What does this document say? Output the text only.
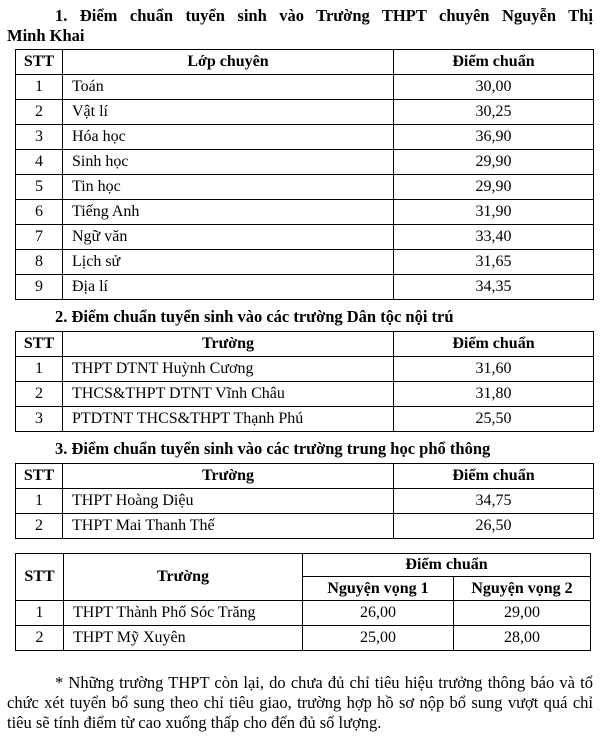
1. Điểm chuẩn tuyển sinh vào Trường THPT chuyên Nguyễn Thị
Minh Khai
STT	Lớp chuyên	Điểm chuẩn
1	Toán	30,00
2	Vật lí	30,25
3	Hóa học	36,90
4	Sinh học	29,90
5	Tin học	29,90
6	Tiếng Anh	31,90
7	Ngữ văn	33,40
8	Lịch sử	31,65
9	Địa lí	34,35
2. Điểm chuẩn tuyển sinh vào các trường Dân tộc nội trú
STT	Trường	Điểm chuẩn
1	THPT DTNT Huỳnh Cương	31,60
2	THCS&THPT DTNT Vĩnh Châu	31,80
3	PTDTNT THCS&THPT Thạnh Phú	25,50
3. Điểm chuẩn tuyển sinh vào các trường trung học phổ thông
STT	Trường	Điểm chuẩn
1	THPT Hoàng Diệu	34,75
2	THPT Mai Thanh Thế	26,50
STT	Trường	Điểm chuẩn	
		Nguyện vọng 1	Nguyện vọng 2
1	THPT Thành Phố Sóc Trăng	26,00	29,00
2	THPT Mỹ Xuyên	25,00	28,00

* Những trường THPT còn lại, do chưa đủ chỉ tiêu hiệu trưởng thông báo và tổ chức xét tuyển bổ sung theo chỉ tiêu giao, trường hợp hồ sơ nộp bổ sung vượt quá chỉ tiêu sẽ tính điểm từ cao xuống thấp cho đến đủ số lượng.
